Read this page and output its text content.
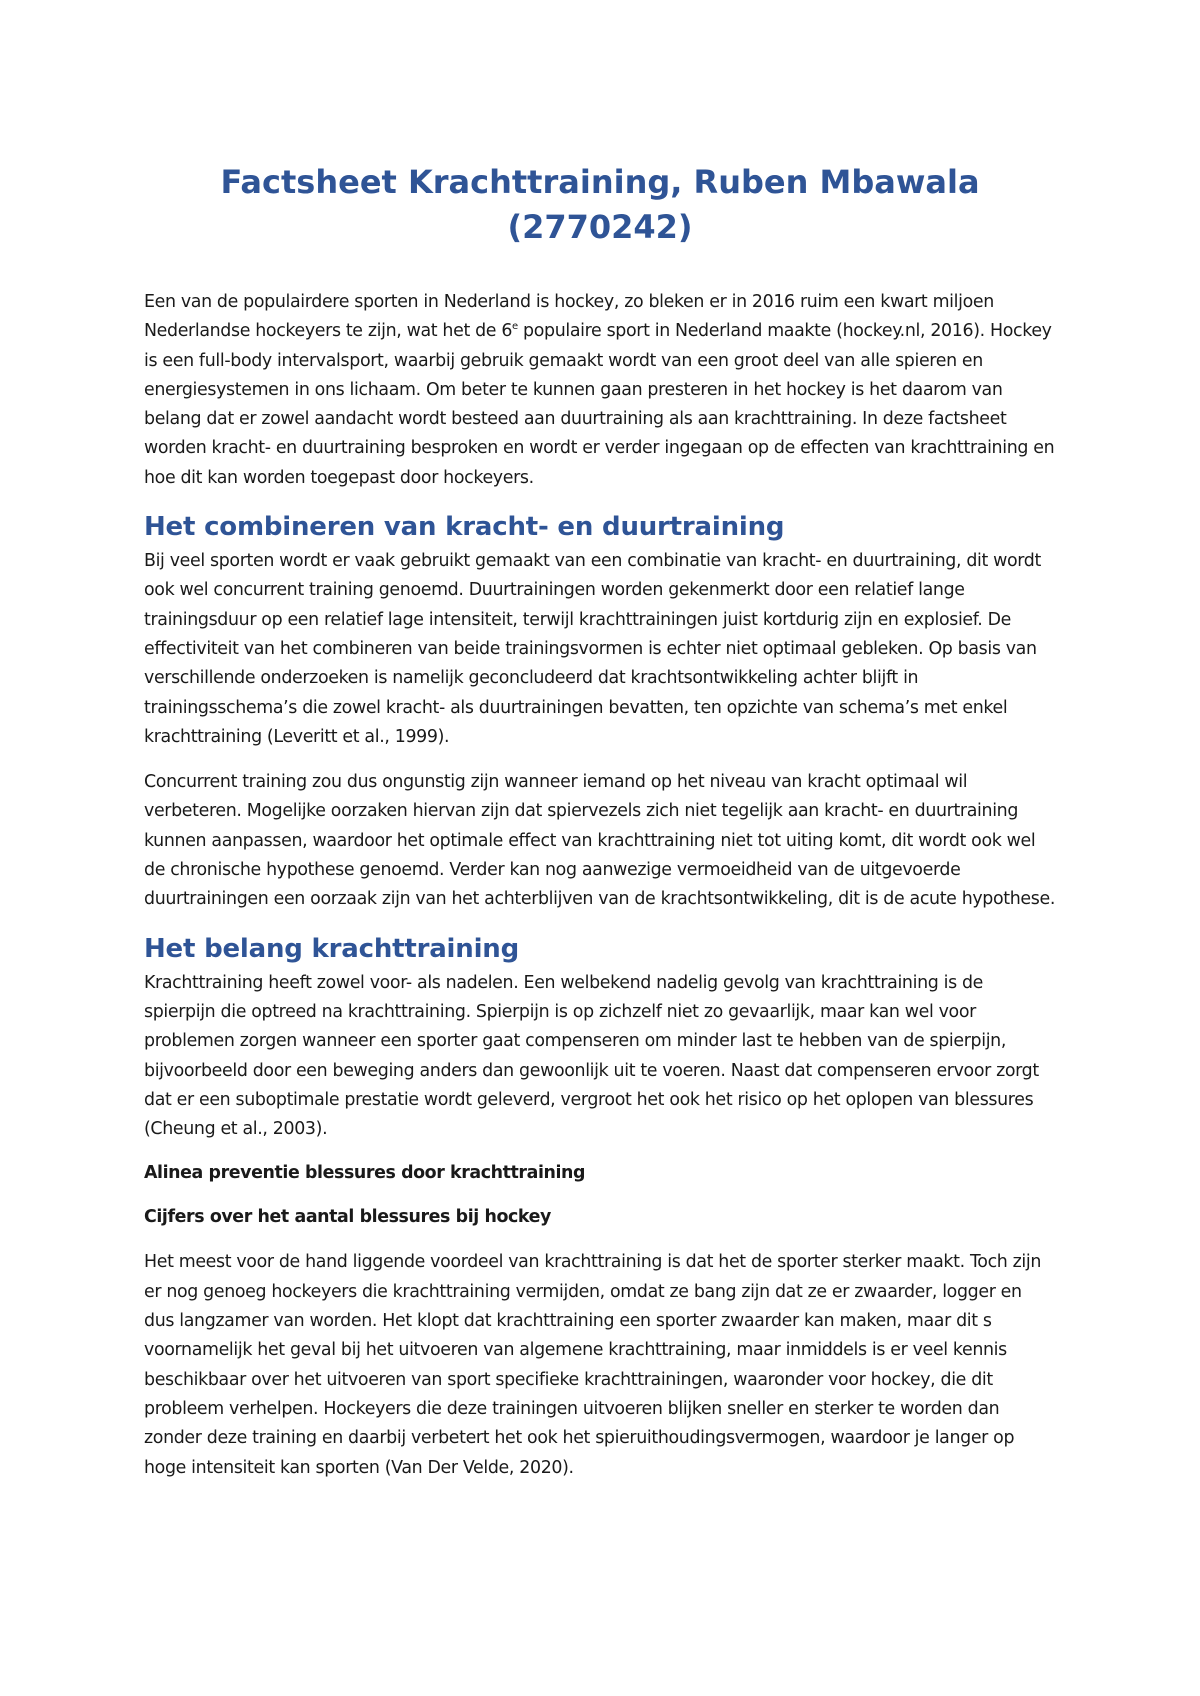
Factsheet Krachttraining, Ruben Mbawala
(2770242)

Een van de populairdere sporten in Nederland is hockey, zo bleken er in 2016 ruim een kwart miljoen Nederlandse hockeyers te zijn, wat het de 6e populaire sport in Nederland maakte (hockey.nl, 2016). Hockey is een full-body intervalsport, waarbij gebruik gemaakt wordt van een groot deel van alle spieren en energiesystemen in ons lichaam. Om beter te kunnen gaan presteren in het hockey is het daarom van belang dat er zowel aandacht wordt besteed aan duurtraining als aan krachttraining. In deze factsheet worden kracht- en duurtraining besproken en wordt er verder ingegaan op de effecten van krachttraining en hoe dit kan worden toegepast door hockeyers.

Het combineren van kracht- en duurtraining

Bij veel sporten wordt er vaak gebruikt gemaakt van een combinatie van kracht- en duurtraining, dit wordt ook wel concurrent training genoemd. Duurtrainingen worden gekenmerkt door een relatief lange trainingsduur op een relatief lage intensiteit, terwijl krachttrainingen juist kortdurig zijn en explosief. De effectiviteit van het combineren van beide trainingsvormen is echter niet optimaal gebleken. Op basis van verschillende onderzoeken is namelijk geconcludeerd dat krachtsontwikkeling achter blijft in trainingsschema’s die zowel kracht- als duurtrainingen bevatten, ten opzichte van schema’s met enkel krachttraining (Leveritt et al., 1999).

Concurrent training zou dus ongunstig zijn wanneer iemand op het niveau van kracht optimaal wil verbeteren. Mogelijke oorzaken hiervan zijn dat spiervezels zich niet tegelijk aan kracht- en duurtraining kunnen aanpassen, waardoor het optimale effect van krachttraining niet tot uiting komt, dit wordt ook wel de chronische hypothese genoemd. Verder kan nog aanwezige vermoeidheid van de uitgevoerde duurtrainingen een oorzaak zijn van het achterblijven van de krachtsontwikkeling, dit is de acute hypothese.

Het belang krachttraining

Krachttraining heeft zowel voor- als nadelen. Een welbekend nadelig gevolg van krachttraining is de spierpijn die optreed na krachttraining. Spierpijn is op zichzelf niet zo gevaarlijk, maar kan wel voor problemen zorgen wanneer een sporter gaat compenseren om minder last te hebben van de spierpijn, bijvoorbeeld door een beweging anders dan gewoonlijk uit te voeren. Naast dat compenseren ervoor zorgt dat er een suboptimale prestatie wordt geleverd, vergroot het ook het risico op het oplopen van blessures (Cheung et al., 2003).

Alinea preventie blessures door krachttraining
Cijfers over het aantal blessures bij hockey

Het meest voor de hand liggende voordeel van krachttraining is dat het de sporter sterker maakt. Toch zijn er nog genoeg hockeyers die krachttraining vermijden, omdat ze bang zijn dat ze er zwaarder, logger en dus langzamer van worden. Het klopt dat krachttraining een sporter zwaarder kan maken, maar dit s voornamelijk het geval bij het uitvoeren van algemene krachttraining, maar inmiddels is er veel kennis beschikbaar over het uitvoeren van sport specifieke krachttrainingen, waaronder voor hockey, die dit probleem verhelpen. Hockeyers die deze trainingen uitvoeren blijken sneller en sterker te worden dan zonder deze training en daarbij verbetert het ook het spieruithoudingsvermogen, waardoor je langer op hoge intensiteit kan sporten (Van Der Velde, 2020).
